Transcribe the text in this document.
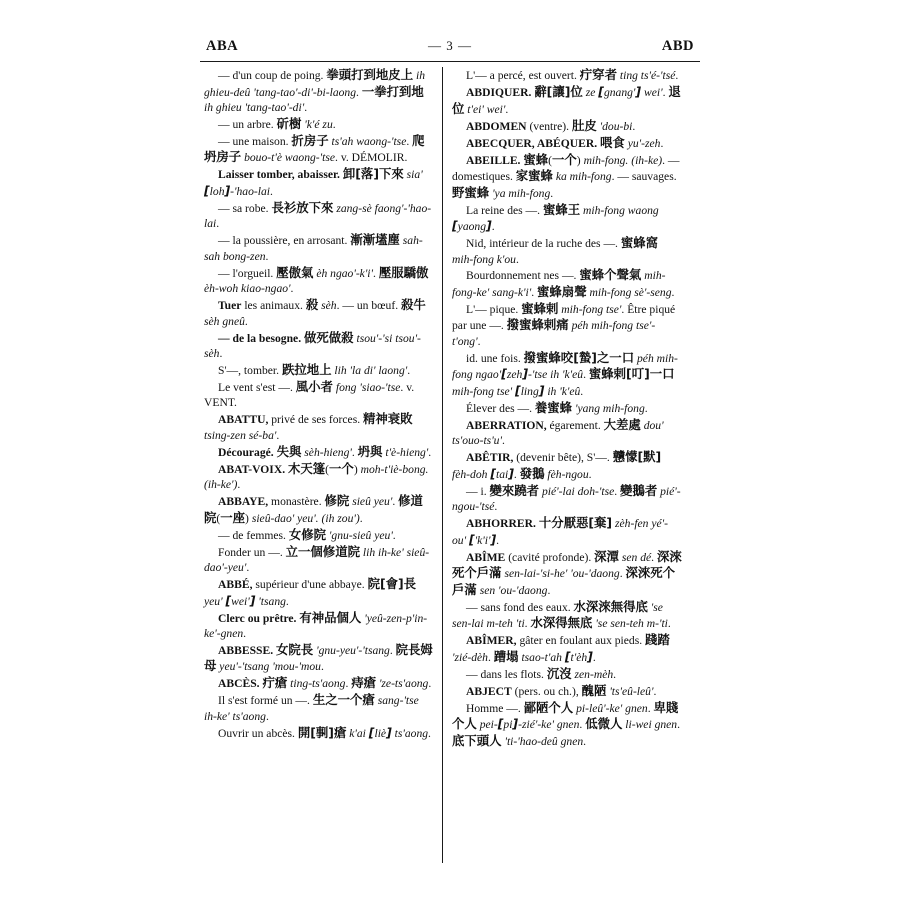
ABA	— 3 —	ABD

— d'un coup de poing. 拳頭打到地皮上 ih ghieu-deû 'tang-tao'-di'-bi-laong. 一拳打到地 ih ghieu 'tang-tao'-di'.

— un arbre. 斫樹 'k'é zu.

— une maison. 折房子 ts'ah waong-'tse. 爬坍房子 bouo-t'è waong-'tse. v. DÉMOLIR.

Laisser tomber, abaisser. 卸[落]下來 sia' [loh]-'hao-lai.

— sa robe. 長衫放下來 zang-sè faong'-'hao-lai.

— la poussière, en arrosant. 漸漸壒塵 sah-sah bong-zen.

— l'orgueil. 壓傲氣 èh ngao'-k'i'. 壓服驕傲 èh-woh kiao-ngao'.

Tuer les animaux. 殺 sèh. — un bœuf. 殺牛 sèh gneû.

— de la besogne. 做死做殺 tsou'-'si tsou'-sèh.

S'—, tomber. 跌拉地上 lih 'la di' laong'.

Le vent s'est —. 風小者 fong 'siao-'tse. v. VENT.

ABATTU, privé de ses forces. 精神衰敗 tsing-zen sé-ba'.

Découragé. 失與 sèh-hieng'. 坍與 t'è-hieng'.

ABAT-VOIX. 木天篷(一个) moh-t'iè-bong. (ih-ke').

ABBAYE, monastère. 修院 sieû yeu'. 修道院(一座) sieû-dao' yeu'. (ih zou').

— de femmes. 女修院 'gnu-sieû yeu'.

Fonder un —. 立一個修道院 lih ih-ke' sieû-dao'-yeu'.

ABBÉ, supérieur d'une abbaye. 院[會]長 yeu' [wei'] 'tsang.

Clerc ou prêtre. 有神品個人 'yeû-zen-p'in-ke'-gnen.

ABBESSE. 女院長 'gnu-yeu'-'tsang. 院長姆母 yeu'-'tsang 'mou-'mou.

ABCÈS. 疔瘡 ting-ts'aong. 痔瘡 'ze-ts'aong.

Il s'est formé un —. 生之一个瘡 sang-'tse ih-ke' ts'aong.

Ouvrir un abcès. 開[剚]瘡 k'ai [liè] ts'aong.

L'— a percé, est ouvert. 疔穿者 ting ts'é-'tsé.

ABDIQUER. 辭[讓]位 ze [gnang'] wei'. 退位 t'ei' wei'.

ABDOMEN (ventre). 肚皮 'dou-bi.

ABECQUER, ABÉQUER. 喂食 yu'-zeh.

ABEILLE. 蜜蜂(一个) mih-fong. (ih-ke). — domestiques. 家蜜蜂 ka mih-fong. — sauvages. 野蜜蜂 'ya mih-fong.

La reine des —. 蜜蜂王 mih-fong waong [yaong].

Nid, intérieur de la ruche des —. 蜜蜂窩 mih-fong k'ou.

Bourdonnement nes —. 蜜蜂个聲氣 mih-fong-ke' sang-k'i'. 蜜蜂扇聲 mih-fong sè'-seng.

L'— pique. 蜜蜂剌 mih-fong tse'. Être piqué par une —. 撥蜜蜂剌痛 péh mih-fong tse'-t'ong'.

id. une fois. 撥蜜蜂咬[蟄]之一口 péh mih-fong ngao'[zeh]-'tse ih 'k'eû. 蜜蜂剌[叮]一口 mih-fong tse' [ling] ih 'k'eû.

Élever des —. 養蜜蜂 'yang mih-fong.

ABERRATION, égarement. 大差處 dou' ts'ouo-ts'u'.

ABÊTIR, (devenir bête), S'—. 戇懞[默] fèh-doh [tai]. 發鵝 fèh-ngou.

— i. 變來蹺者 pié'-lai doh-'tse. 變鵝者 pié'-ngou-'tsé.

ABHORRER. 十分厭惡[棄] zèh-fen yé'-ou' ['k'i'].

ABÎME (cavité profonde). 深潭 sen dé. 深淶死个戶滿 sen-lai-'si-he' 'ou-'daong. 深淶死个戶滿 sen 'ou-'daong.

— sans fond des eaux. 水深淶無得底 'se sen-lai m-teh 'ti. 水深得無底 'se sen-teh m-'ti.

ABÎMER, gâter en foulant aux pieds. 踐踏 'zié-dèh. 蹧塌 tsao-t'ah [t'èh].

— dans les flots. 沉沒 zen-mèh.

ABJECT (pers. ou ch.), 醜陋 'ts'eû-leû'.

Homme —. 鄙陋个人 pi-leû'-ke' gnen. 卑賤个人 pei-[pi]-zié'-ke' gnen. 低微人 li-wei gnen. 底下頭人 'ti-'hao-deû gnen.
